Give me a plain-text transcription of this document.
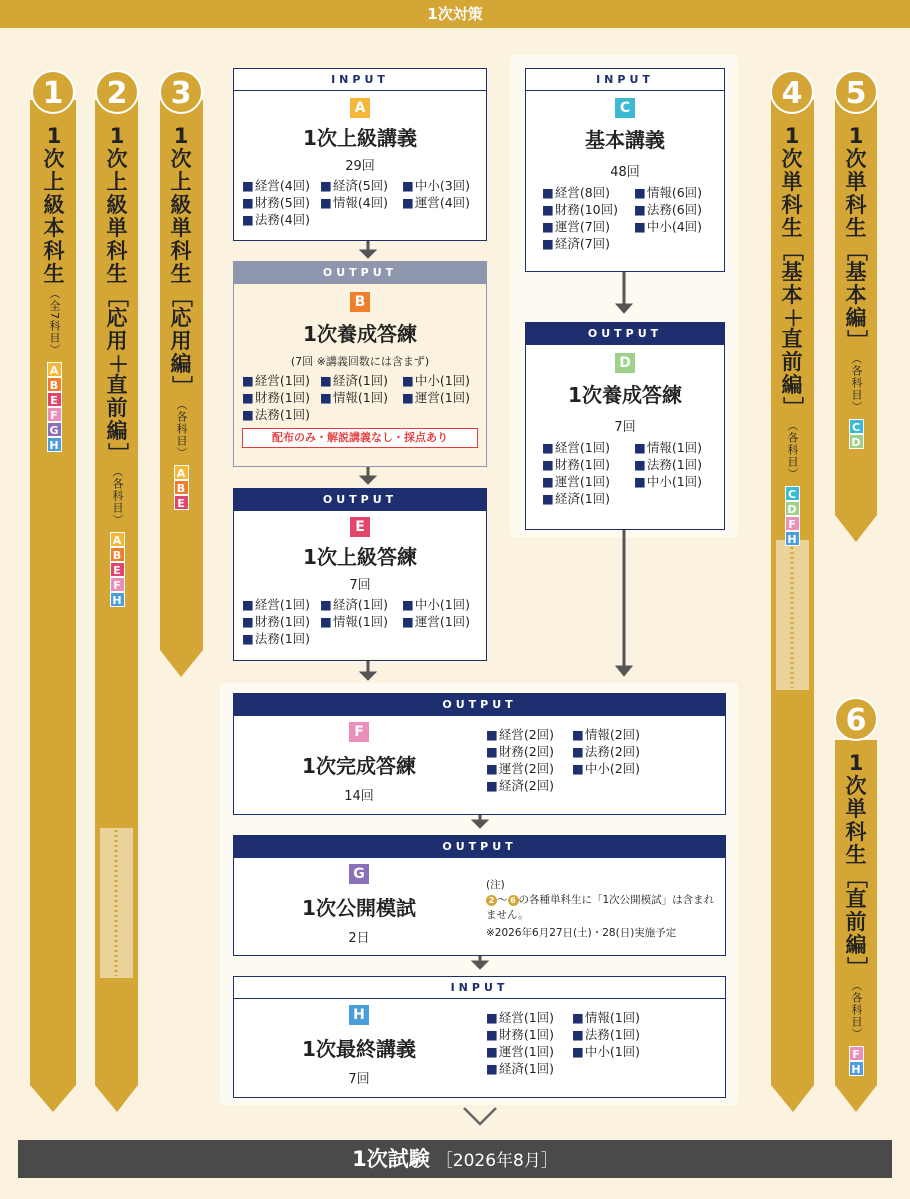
1次対策
1	2	3	4	5
6
1
次
上
級
本
科
生
（全7科目）
A
B
E
F
G
H
1
次
上
級
単
科
生
［
応
用
＋
直
前
編
］
（各科目）
A
B
E
F
H
1
次
上
級
単
科
生
［
応
用
編
］
（各科目）
A
B
E
1
次
単
科
生
［
基
本
＋
直
前
編
］
（各科目）
C
D
F
H
1
次
単
科
生
［
基
本
編
］
（各科目）
C
D
1
次
単
科
生
［
直
前
編
］
（各科目）
F
H
INPUT
A
1次上級講義
29回
■ 経営(4回)	■ 経済(5回)	■ 中小(3回)
■ 財務(5回)	■ 情報(4回)	■ 運営(4回)
■ 法務(4回)
OUTPUT
B
1次養成答練
(7回 ※講義回数には含まず)
■ 経営(1回)	■ 経済(1回)	■ 中小(1回)
■ 財務(1回)	■ 情報(1回)	■ 運営(1回)
■ 法務(1回)
配布のみ・解説講義なし・採点あり
OUTPUT
E
1次上級答練
7回
■ 経営(1回)	■ 経済(1回)	■ 中小(1回)
■ 財務(1回)	■ 情報(1回)	■ 運営(1回)
■ 法務(1回)
INPUT
C
基本講義
48回
■ 経営(8回)	■ 情報(6回)
■ 財務(10回)	■ 法務(6回)
■ 運営(7回)	■ 中小(4回)
■ 経済(7回)
OUTPUT
D
1次養成答練
7回
■ 経営(1回)	■ 情報(1回)
■ 財務(1回)	■ 法務(1回)
■ 運営(1回)	■ 中小(1回)
■ 経済(1回)
OUTPUT
F
1次完成答練
14回
■ 経営(2回)	■ 情報(2回)
■ 財務(2回)	■ 法務(2回)
■ 運営(2回)	■ 中小(2回)
■ 経済(2回)
OUTPUT
G
1次公開模試
2日
(注)
2 〜 6 の各種単科生に「1次公開模試」は含まれません。
※2026年6月27日(土)・28(日)実施予定
INPUT
H
1次最終講義
7回
■ 経営(1回)	■ 情報(1回)
■ 財務(1回)	■ 法務(1回)
■ 運営(1回)	■ 中小(1回)
■ 経済(1回)
1次試験 ［2026年8月］
